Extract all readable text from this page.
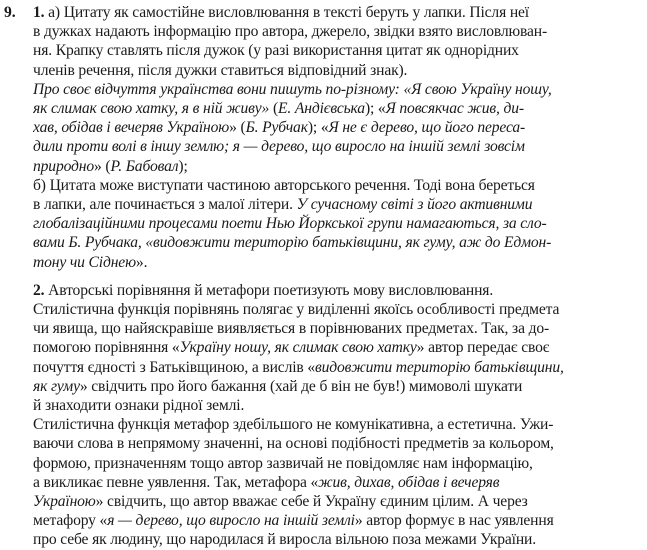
9. 1. а) Цитату як самостійне висловлювання в тексті беруть у лапки. Після неї
в дужках надають інформацію про автора, джерело, звідки взято висловлюван-
ня. Крапку ставлять після дужок (у разі використання цитат як однорідних
членів речення, після дужки ставиться відповідний знак).
Про своє відчуття українства вони пишуть по-різному: «Я свою Україну ношу,
як слимак свою хатку, я в ній живу» (Е. Андієвська); «Я повсякчас жив, ди-
хав, обідав і вечеряв Україною» (Б. Рубчак); «Я не є дерево, що його переса-
дили проти волі в іншу землю; я — дерево, що виросло на іншій землі зовсім
природно» (Р. Бабовал);
б) Цитата може виступати частиною авторського речення. Тоді вона береться
в лапки, але починається з малої літери. У сучасному світі з його активними
глобалізаційними процесами поети Нью Йоркської групи намагаються, за сло-
вами Б. Рубчака, «видовжити територію батьківщини, як гуму, аж до Едмон-
тону чи Сіднею».
2. Авторські порівняння й метафори поетизують мову висловлювання.
Стилістична функція порівнянь полягає у виділенні якоїсь особливості предмета
чи явища, що найяскравіше виявляється в порівнюваних предметах. Так, за до-
помогою порівняння «Україну ношу, як слимак свою хатку» автор передає своє
почуття єдності з Батьківщиною, а вислів «видовжити територію батьківщини,
як гуму» свідчить про його бажання (хай де б він не був!) мимоволі шукати
й знаходити ознаки рідної землі.
Стилістична функція метафор здебільшого не комунікативна, а естетична. Ужи-
ваючи слова в непрямому значенні, на основі подібності предметів за кольором,
формою, призначенням тощо автор зазвичай не повідомляє нам інформацію,
а викликає певне уявлення. Так, метафора «жив, дихав, обідав і вечеряв
Україною» свідчить, що автор вважає себе й Україну єдиним цілим. А через
метафору «я — дерево, що виросло на іншій землі» автор формує в нас уявлення
про себе як людину, що народилася й виросла вільною поза межами України.
